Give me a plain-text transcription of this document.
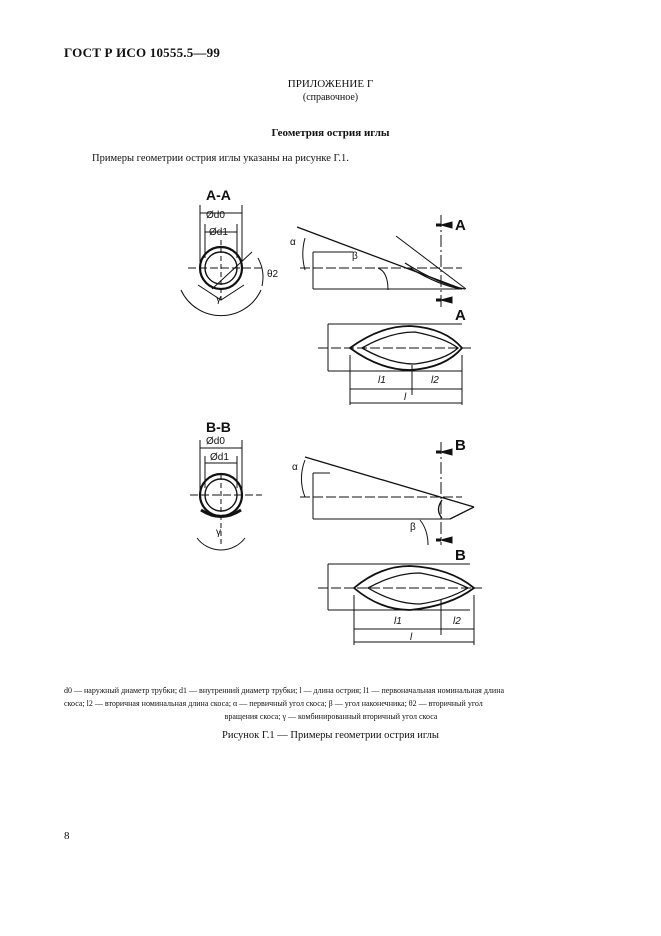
ГОСТ Р ИСО 10555.5—99
ПРИЛОЖЕНИЕ Г
(справочное)
Геометрия острия иглы
Примеры геометрии острия иглы указаны на рисунке Г.1.
А-А
Ød0
Ød1
θ2
γ
α
β
А
А
l1	l2
l
В-В
Ød0
Ød1
γ
α
β
В
В
l1	l2
l
d0 — наружный диаметр трубки; d1 — внутренний диаметр трубки; l — длина острия; l1 — первоначальная номинальная длина
скоса; l2 — вторичная номинальная длина скоса; α — первичный угол скоса; β — угол наконечника; θ2 — вторичный угол
вращения скоса; γ — комбинированный вторичный угол скоса
Рисунок Г.1 — Примеры геометрии острия иглы
8
